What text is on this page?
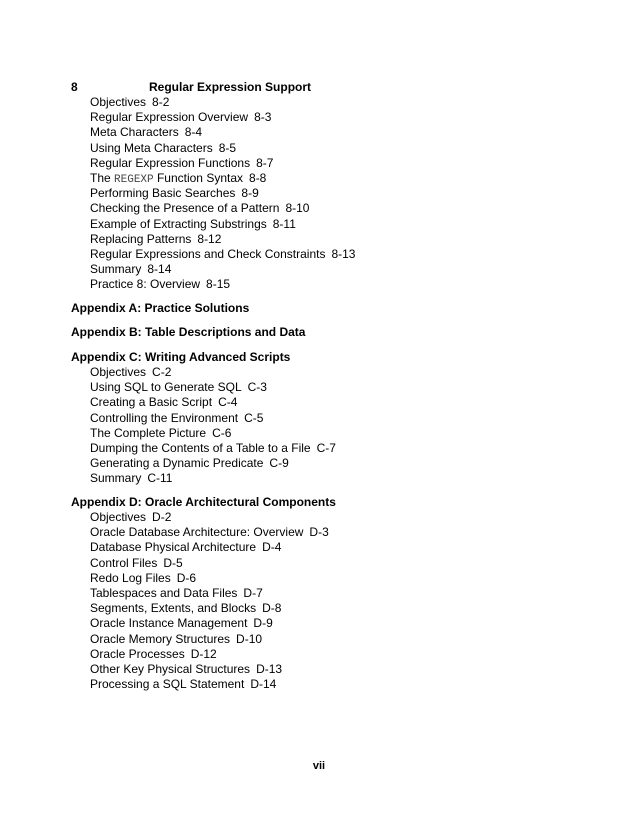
8	Regular Expression Support
Objectives 8-2
Regular Expression Overview 8-3
Meta Characters 8-4
Using Meta Characters 8-5
Regular Expression Functions 8-7
The REGEXP Function Syntax 8-8
Performing Basic Searches 8-9
Checking the Presence of a Pattern 8-10
Example of Extracting Substrings 8-11
Replacing Patterns 8-12
Regular Expressions and Check Constraints 8-13
Summary 8-14
Practice 8: Overview 8-15
Appendix A: Practice Solutions
Appendix B: Table Descriptions and Data
Appendix C: Writing Advanced Scripts
Objectives C-2
Using SQL to Generate SQL C-3
Creating a Basic Script C-4
Controlling the Environment C-5
The Complete Picture C-6
Dumping the Contents of a Table to a File C-7
Generating a Dynamic Predicate C-9
Summary C-11
Appendix D: Oracle Architectural Components
Objectives D-2
Oracle Database Architecture: Overview D-3
Database Physical Architecture D-4
Control Files D-5
Redo Log Files D-6
Tablespaces and Data Files D-7
Segments, Extents, and Blocks D-8
Oracle Instance Management D-9
Oracle Memory Structures D-10
Oracle Processes D-12
Other Key Physical Structures D-13
Processing a SQL Statement D-14
vii
